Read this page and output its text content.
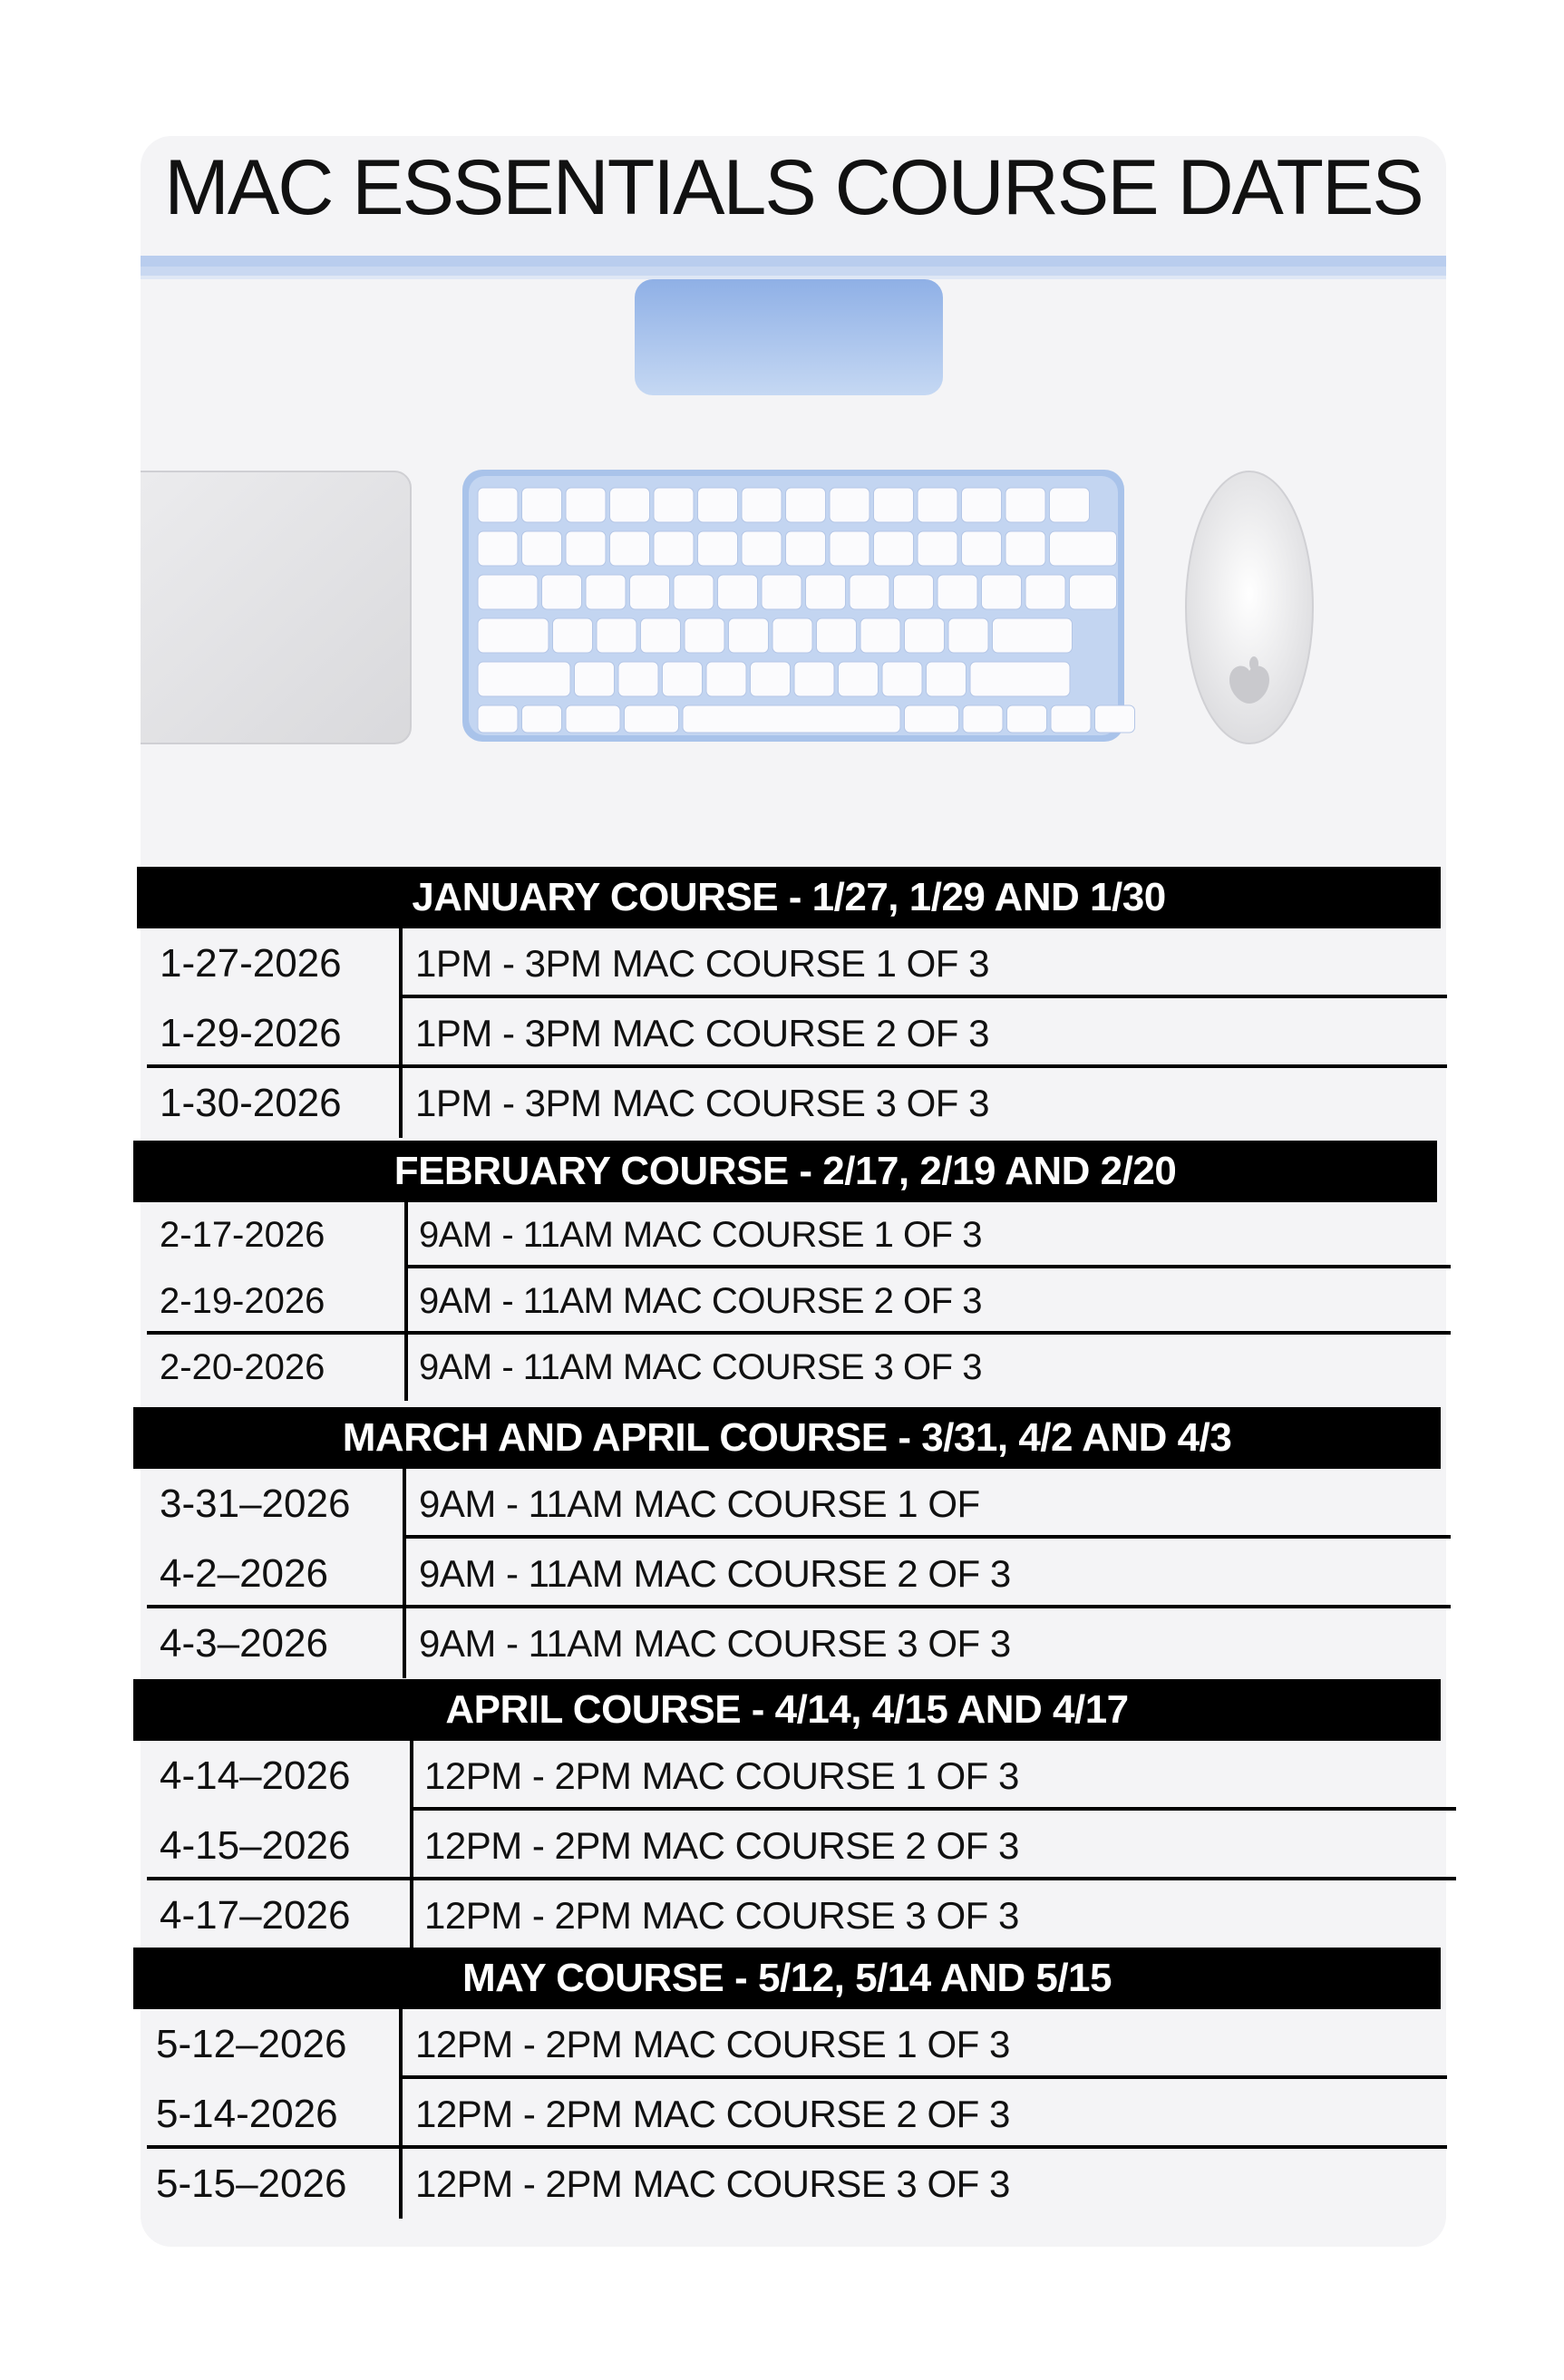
MAC ESSENTIALS COURSE DATES
JANUARY COURSE - 1/27, 1/29 AND 1/30
1-27-2026 1PM - 3PM MAC COURSE 1 OF 3
1-29-2026 1PM - 3PM MAC COURSE 2 OF 3
1-30-2026 1PM - 3PM MAC COURSE 3 OF 3
FEBRUARY COURSE - 2/17, 2/19 AND 2/20
2-17-2026	9AM - 11AM MAC COURSE 1 OF 3
2-19-2026	9AM - 11AM MAC COURSE 2 OF 3
2-20-2026	9AM - 11AM MAC COURSE 3 OF 3
MARCH AND APRIL COURSE - 3/31, 4/2 AND 4/3
3-31–2026 9AM - 11AM MAC COURSE 1 OF
4-2–2026 9AM - 11AM MAC COURSE 2 OF 3
4-3–2026 9AM - 11AM MAC COURSE 3 OF 3
APRIL COURSE - 4/14, 4/15 AND 4/17
4-14–2026 12PM - 2PM MAC COURSE 1 OF 3
4-15–2026 12PM - 2PM MAC COURSE 2 OF 3
4-17–2026 12PM - 2PM MAC COURSE 3 OF 3
MAY COURSE - 5/12, 5/14 AND 5/15
5-12–2026 12PM - 2PM MAC COURSE 1 OF 3
5-14-2026 12PM - 2PM MAC COURSE 2 OF 3
5-15–2026 12PM - 2PM MAC COURSE 3 OF 3
